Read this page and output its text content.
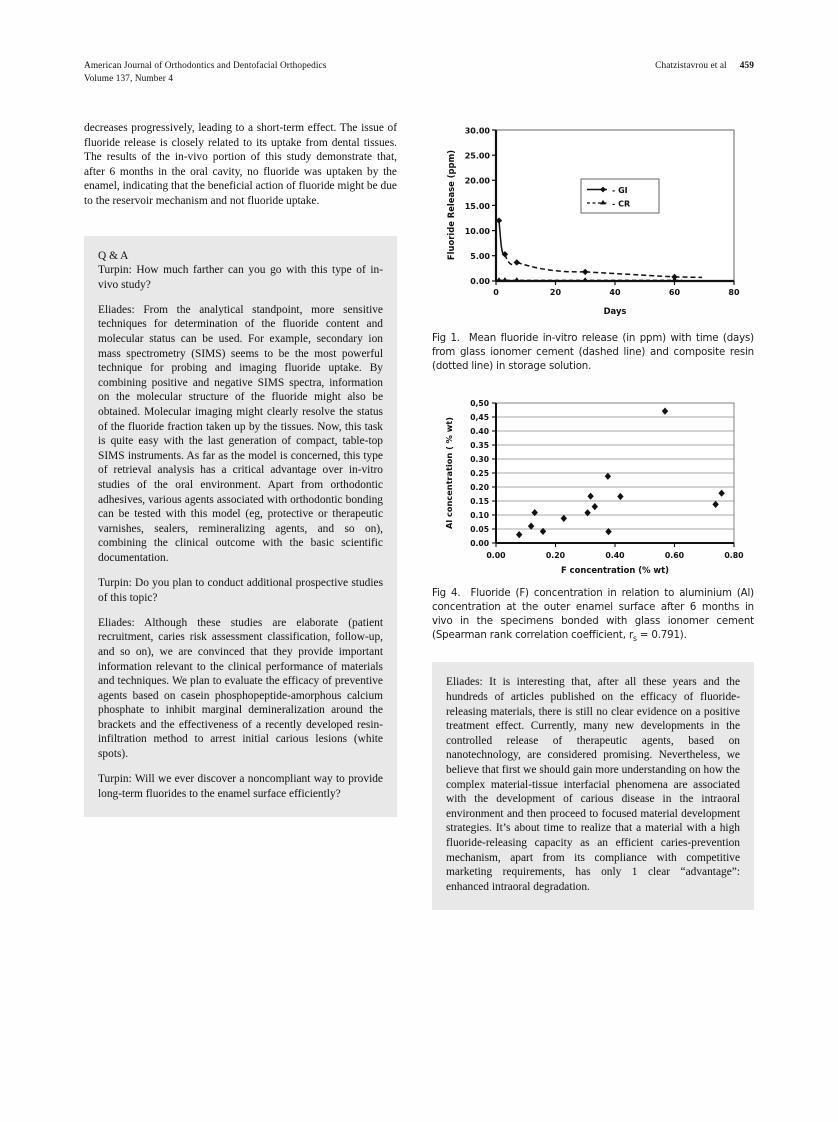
American Journal of Orthodontics and Dentofacial Orthopedics
Volume 137, Number 4
Chatzistavrou et al 459

decreases progressively, leading to a short-term effect. The issue of fluoride release is closely related to its uptake from dental tissues. The results of the in-vivo portion of this study demonstrate that, after 6 months in the oral cavity, no fluoride was uptaken by the enamel, indicating that the beneficial action of fluoride might be due to the reservoir mechanism and not fluoride uptake.

Q & A

Turpin: How much farther can you go with this type of in-vivo study?

Eliades: From the analytical standpoint, more sensitive techniques for determination of the fluoride content and molecular status can be used. For example, secondary ion mass spectrometry (SIMS) seems to be the most powerful technique for probing and imaging fluoride uptake. By combining positive and negative SIMS spectra, information on the molecular structure of the fluoride might also be obtained. Molecular imaging might clearly resolve the status of the fluoride fraction taken up by the tissues. Now, this task is quite easy with the last generation of compact, table-top SIMS instruments. As far as the model is concerned, this type of retrieval analysis has a critical advantage over in-vitro studies of the oral environment. Apart from orthodontic adhesives, various agents associated with orthodontic bonding can be tested with this model (eg, protective or therapeutic varnishes, sealers, remineralizing agents, and so on), combining the clinical outcome with the basic scientific documentation.

Turpin: Do you plan to conduct additional prospective studies of this topic?

Eliades: Although these studies are elaborate (patient recruitment, caries risk assessment classification, follow-up, and so on), we are convinced that they provide important information relevant to the clinical performance of materials and techniques. We plan to evaluate the efficacy of preventive agents based on casein phosphopeptide-amorphous calcium phosphate to inhibit marginal demineralization around the brackets and the effectiveness of a recently developed resin-infiltration method to arrest initial carious lesions (white spots).

Turpin: Will we ever discover a noncompliant way to provide long-term fluorides to the enamel surface efficiently?

30.00
25.00
20.00
15.00
10.00
5.00
0.00
0	20	40	60	80
Days
Fluoride Release (ppm)	- GI
- CR

Fig 1. Mean fluoride in-vitro release (in ppm) with time (days) from glass ionomer cement (dashed line) and composite resin (dotted line) in storage solution.

0,50
0,45
0.40
0.35
0.30
0.25
0.20
0.15
0.10
0.05
0.00
0.00	0.20	0.40	0.60	0.80
F concentration (% wt)
Al concentration ( % wt)

Fig 4. Fluoride (F) concentration in relation to aluminium (Al) concentration at the outer enamel surface after 6 months in vivo in the specimens bonded with glass ionomer cement (Spearman rank correlation coefficient, $r_s = 0.791$).

Eliades: It is interesting that, after all these years and the hundreds of articles published on the efficacy of fluoride-releasing materials, there is still no clear evidence on a positive treatment effect. Currently, many new developments in the controlled release of therapeutic agents, based on nanotechnology, are considered promising. Nevertheless, we believe that first we should gain more understanding on how the complex material-tissue interfacial phenomena are associated with the development of carious disease in the intraoral environment and then proceed to focused material development strategies. It’s about time to realize that a material with a high fluoride-releasing capacity as an efficient caries-prevention mechanism, apart from its compliance with competitive marketing requirements, has only 1 clear “advantage”: enhanced intraoral degradation.
